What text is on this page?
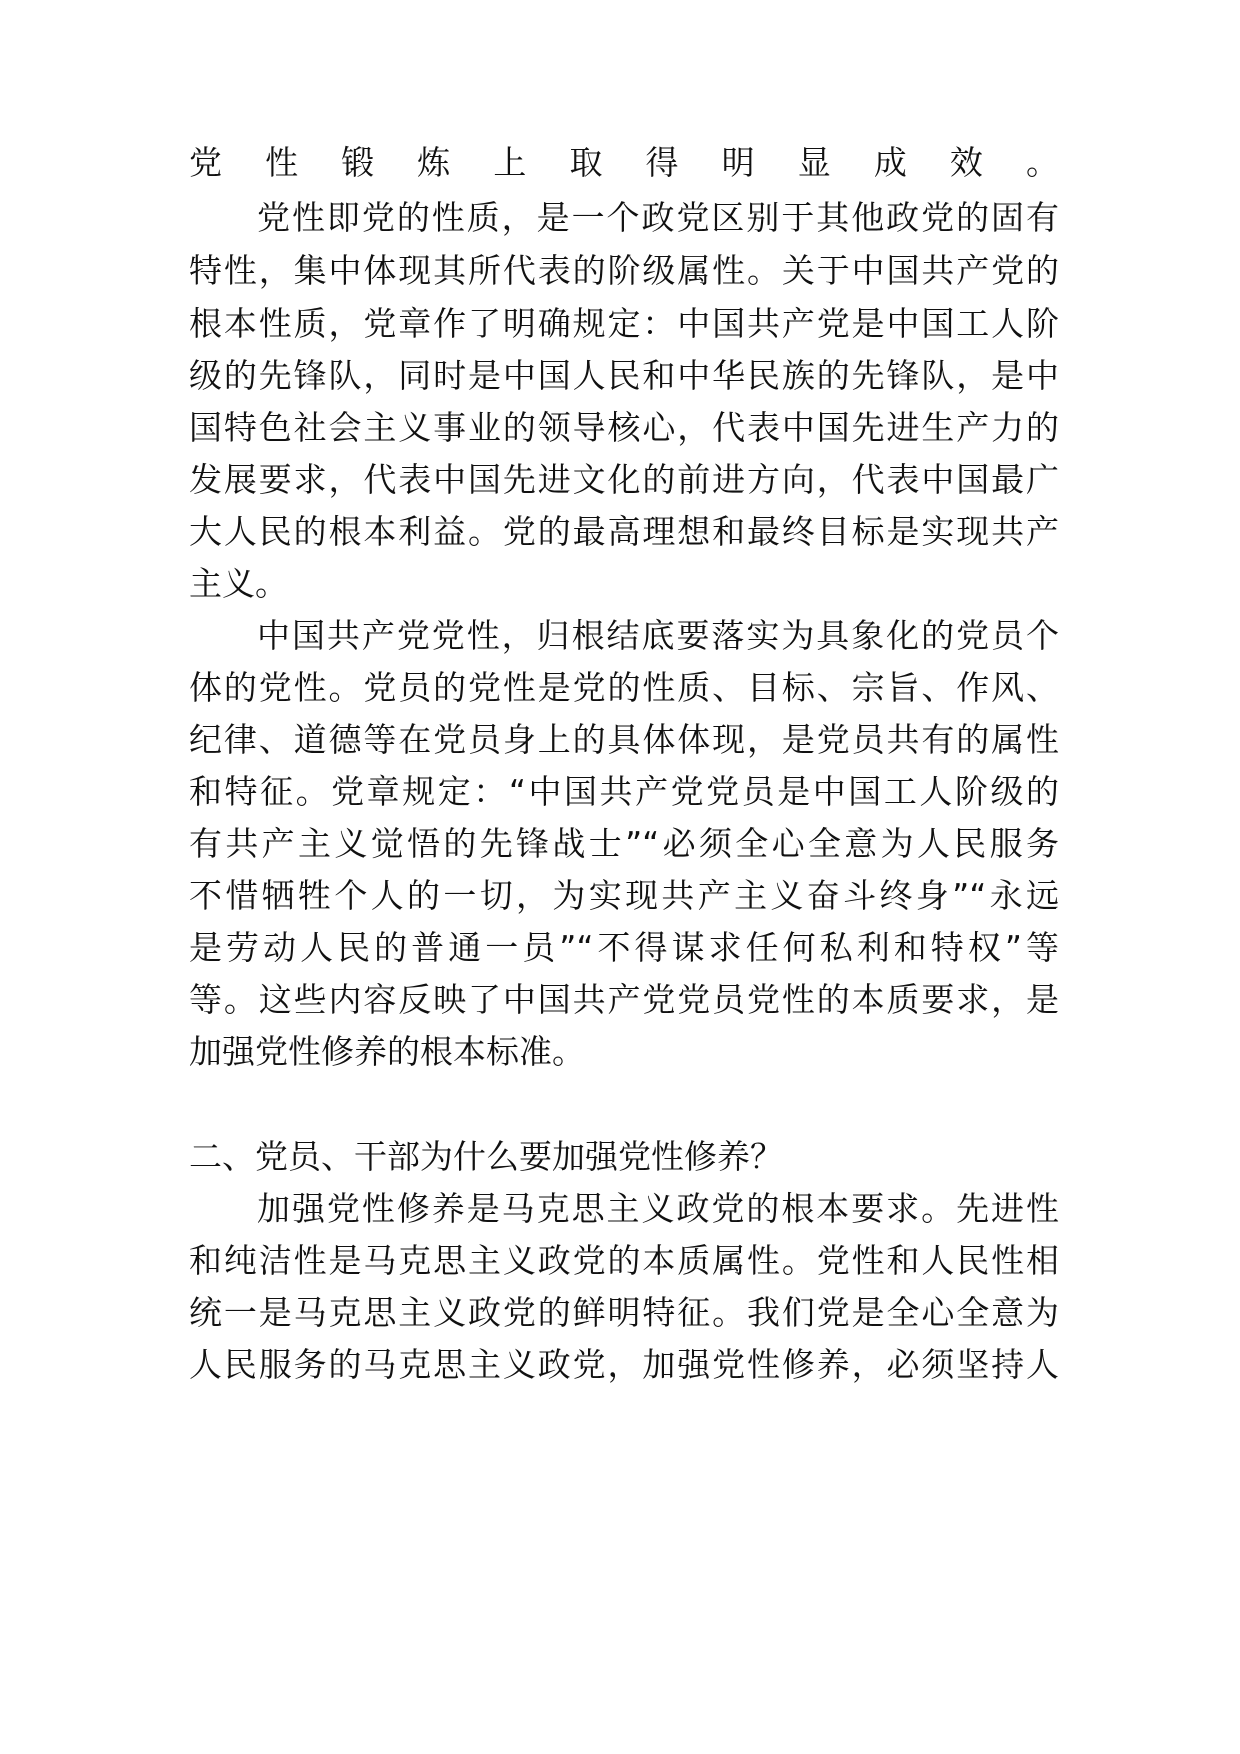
党性锻炼上取得明显成效。
党性即党的性质，是一个政党区别于其他政党的固有
特性，集中体现其所代表的阶级属性。关于中国共产党的
根本性质，党章作了明确规定：中国共产党是中国工人阶
级的先锋队，同时是中国人民和中华民族的先锋队，是中
国特色社会主义事业的领导核心，代表中国先进生产力的
发展要求，代表中国先进文化的前进方向，代表中国最广
大人民的根本利益。党的最高理想和最终目标是实现共产
主义。
中国共产党党性，归根结底要落实为具象化的党员个
体的党性。党员的党性是党的性质、目标、宗旨、作风、
纪律、道德等在党员身上的具体体现，是党员共有的属性
和特征。党章规定：“中国共产党党员是中国工人阶级的
有共产主义觉悟的先锋战士”“必须全心全意为人民服务
不惜牺牲个人的一切，为实现共产主义奋斗终身”“永远
是劳动人民的普通一员”“不得谋求任何私利和特权”等
等。这些内容反映了中国共产党党员党性的本质要求，是
加强党性修养的根本标准。
二、党员、干部为什么要加强党性修养？
加强党性修养是马克思主义政党的根本要求。先进性
和纯洁性是马克思主义政党的本质属性。党性和人民性相
统一是马克思主义政党的鲜明特征。我们党是全心全意为
人民服务的马克思主义政党，加强党性修养，必须坚持人
